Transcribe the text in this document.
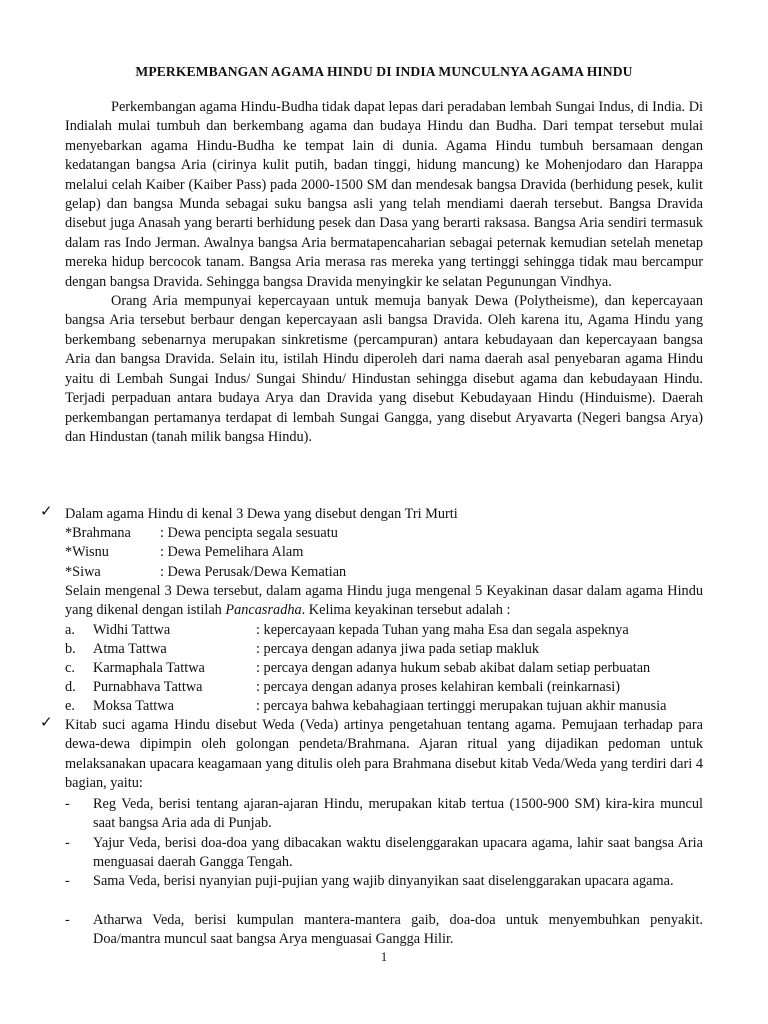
MPERKEMBANGAN AGAMA HINDU DI INDIA MUNCULNYA AGAMA HINDU

Perkembangan agama Hindu-Budha tidak dapat lepas dari peradaban lembah Sungai Indus, di India. Di Indialah mulai tumbuh dan berkembang agama dan budaya Hindu dan Budha. Dari tempat tersebut mulai menyebarkan agama Hindu-Budha ke tempat lain di dunia. Agama Hindu tumbuh bersamaan dengan kedatangan bangsa Aria (cirinya kulit putih, badan tinggi, hidung mancung) ke Mohenjodaro dan Harappa melalui celah Kaiber (Kaiber Pass) pada 2000-1500 SM dan mendesak bangsa Dravida (berhidung pesek, kulit gelap) dan bangsa Munda sebagai suku bangsa asli yang telah mendiami daerah tersebut. Bangsa Dravida disebut juga Anasah yang berarti berhidung pesek dan Dasa yang berarti raksasa. Bangsa Aria sendiri termasuk dalam ras Indo Jerman. Awalnya bangsa Aria bermatapencaharian sebagai peternak kemudian setelah menetap mereka hidup bercocok tanam. Bangsa Aria merasa ras mereka yang tertinggi sehingga tidak mau bercampur dengan bangsa Dravida. Sehingga bangsa Dravida menyingkir ke selatan Pegunungan Vindhya.

Orang Aria mempunyai kepercayaan untuk memuja banyak Dewa (Polytheisme), dan kepercayaan bangsa Aria tersebut berbaur dengan kepercayaan asli bangsa Dravida. Oleh karena itu, Agama Hindu yang berkembang sebenarnya merupakan sinkretisme (percampuran) antara kebudayaan dan kepercayaan bangsa Aria dan bangsa Dravida. Selain itu, istilah Hindu diperoleh dari nama daerah asal penyebaran agama Hindu yaitu di Lembah Sungai Indus/ Sungai Shindu/ Hindustan sehingga disebut agama dan kebudayaan Hindu. Terjadi perpaduan antara budaya Arya dan Dravida yang disebut Kebudayaan Hindu (Hinduisme). Daerah perkembangan pertamanya terdapat di lembah Sungai Gangga, yang disebut Aryavarta (Negeri bangsa Arya) dan Hindustan (tanah milik bangsa Hindu).

✓ Dalam agama Hindu di kenal 3 Dewa yang disebut dengan Tri Murti
*Brahmana : Dewa pencipta segala sesuatu
*Wisnu	: Dewa Pemelihara Alam
*Siwa	: Dewa Perusak/Dewa Kematian
Selain mengenal 3 Dewa tersebut, dalam agama Hindu juga mengenal 5 Keyakinan dasar dalam agama Hindu yang dikenal dengan istilah Pancasradha. Kelima keyakinan tersebut adalah :
a. Widhi Tattwa	: kepercayaan kepada Tuhan yang maha Esa dan segala aspeknya
b. Atma Tattwa	: percaya dengan adanya jiwa pada setiap makluk
c. Karmaphala Tattwa	: percaya dengan adanya hukum sebab akibat dalam setiap perbuatan
d. Purnabhava Tattwa	: percaya dengan adanya proses kelahiran kembali (reinkarnasi)
e. Moksa Tattwa	: percaya bahwa kebahagiaan tertinggi merupakan tujuan akhir manusia
✓ Kitab suci agama Hindu disebut Weda (Veda) artinya pengetahuan tentang agama. Pemujaan terhadap para dewa-dewa dipimpin oleh golongan pendeta/Brahmana. Ajaran ritual yang dijadikan pedoman untuk melaksanakan upacara keagamaan yang ditulis oleh para Brahmana disebut kitab Veda/Weda yang terdiri dari 4 bagian, yaitu:
- Reg Veda, berisi tentang ajaran-ajaran Hindu, merupakan kitab tertua (1500-900 SM) kira-kira muncul saat bangsa Aria ada di Punjab.
- Yajur Veda, berisi doa-doa yang dibacakan waktu diselenggarakan upacara agama, lahir saat bangsa Aria menguasai daerah Gangga Tengah.
- Sama Veda, berisi nyanyian puji-pujian yang wajib dinyanyikan saat diselenggarakan upacara agama.
- Atharwa Veda, berisi kumpulan mantera-mantera gaib, doa-doa untuk menyembuhkan penyakit. Doa/mantra muncul saat bangsa Arya menguasai Gangga Hilir.
1
